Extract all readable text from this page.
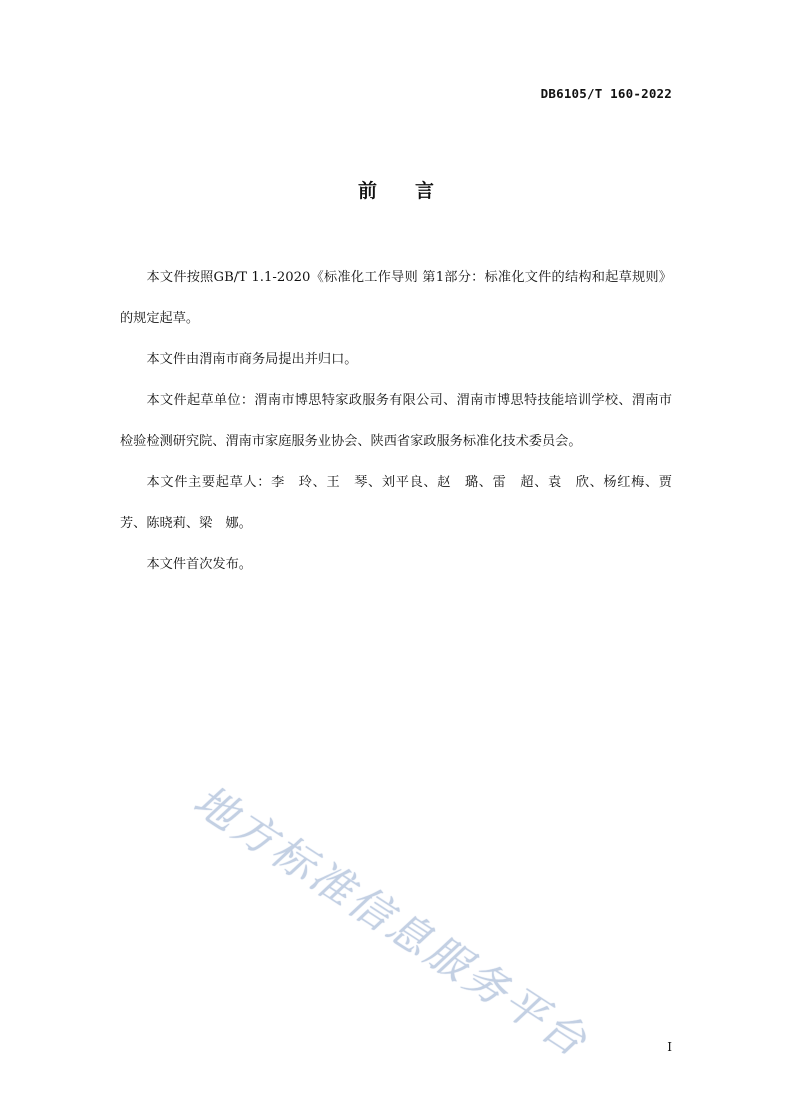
DB6105/T 160-2022
前言

本文件按照GB/T 1.1-2020《标准化工作导则 第1部分：标准化文件的结构和起草规则》的规定起草。

本文件由渭南市商务局提出并归口。

本文件起草单位：渭南市博思特家政服务有限公司、渭南市博思特技能培训学校、渭南市检验检测研究院、渭南市家庭服务业协会、陕西省家政服务标准化技术委员会。

本文件主要起草人：李　玲、王　琴、刘平良、赵　璐、雷　超、袁　欣、杨红梅、贾芳、陈晓莉、梁　娜。

本文件首次发布。

地方标准信息服务平台	I
